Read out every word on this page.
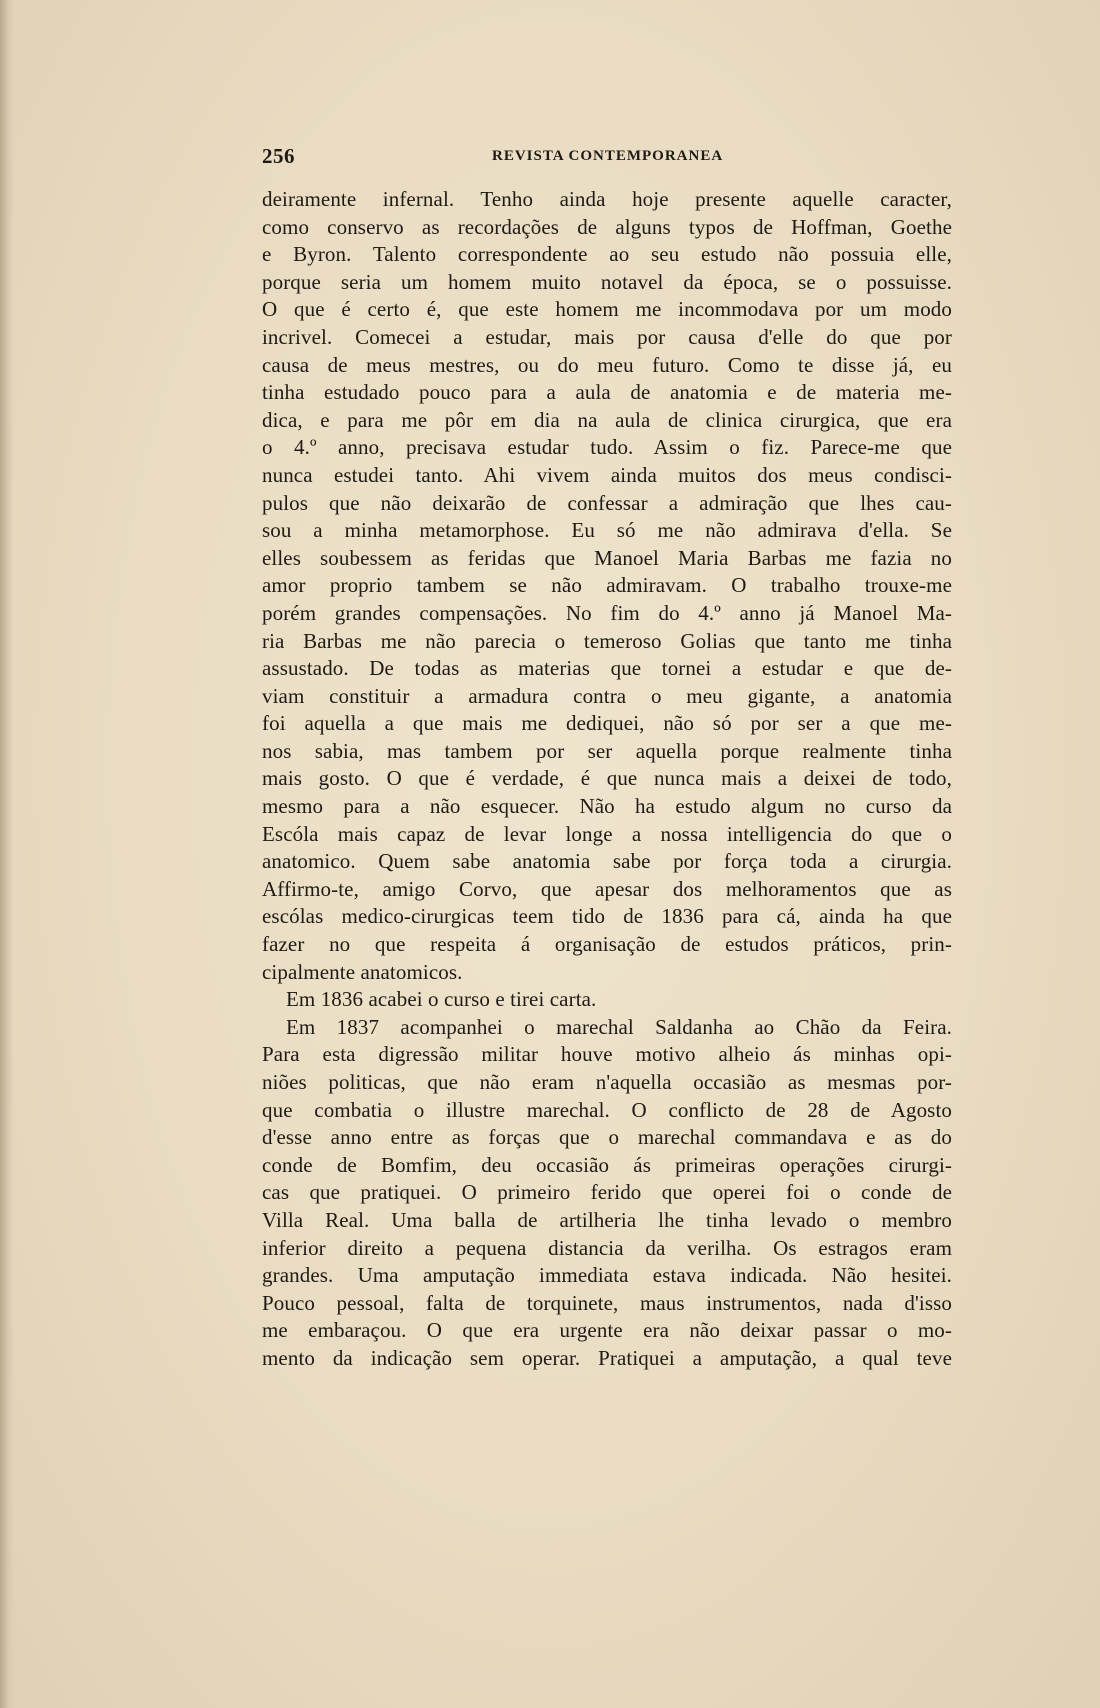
256	REVISTA CONTEMPORANEA
deiramente infernal. Tenho ainda hoje presente aquelle caracter,
como conservo as recordações de alguns typos de Hoffman, Goethe
e Byron. Talento correspondente ao seu estudo não possuia elle,
porque seria um homem muito notavel da época, se o possuisse.
O que é certo é, que este homem me incommodava por um modo
incrivel. Comecei a estudar, mais por causa d'elle do que por
causa de meus mestres, ou do meu futuro. Como te disse já, eu
tinha estudado pouco para a aula de anatomia e de materia me-
dica, e para me pôr em dia na aula de clinica cirurgica, que era
o 4.º anno, precisava estudar tudo. Assim o fiz. Parece-me que
nunca estudei tanto. Ahi vivem ainda muitos dos meus condisci-
pulos que não deixarão de confessar a admiração que lhes cau-
sou a minha metamorphose. Eu só me não admirava d'ella. Se
elles soubessem as feridas que Manoel Maria Barbas me fazia no
amor proprio tambem se não admiravam. O trabalho trouxe-me
porém grandes compensações. No fim do 4.º anno já Manoel Ma-
ria Barbas me não parecia o temeroso Golias que tanto me tinha
assustado. De todas as materias que tornei a estudar e que de-
viam constituir a armadura contra o meu gigante, a anatomia
foi aquella a que mais me dediquei, não só por ser a que me-
nos sabia, mas tambem por ser aquella porque realmente tinha
mais gosto. O que é verdade, é que nunca mais a deixei de todo,
mesmo para a não esquecer. Não ha estudo algum no curso da
Escóla mais capaz de levar longe a nossa intelligencia do que o
anatomico. Quem sabe anatomia sabe por força toda a cirurgia.
Affirmo-te, amigo Corvo, que apesar dos melhoramentos que as
escólas medico-cirurgicas teem tido de 1836 para cá, ainda ha que
fazer no que respeita á organisação de estudos práticos, prin-
cipalmente anatomicos.
Em 1836 acabei o curso e tirei carta.
Em 1837 acompanhei o marechal Saldanha ao Chão da Feira.
Para esta digressão militar houve motivo alheio ás minhas opi-
niões politicas, que não eram n'aquella occasião as mesmas por-
que combatia o illustre marechal. O conflicto de 28 de Agosto
d'esse anno entre as forças que o marechal commandava e as do
conde de Bomfim, deu occasião ás primeiras operações cirurgi-
cas que pratiquei. O primeiro ferido que operei foi o conde de
Villa Real. Uma balla de artilheria lhe tinha levado o membro
inferior direito a pequena distancia da verilha. Os estragos eram
grandes. Uma amputação immediata estava indicada. Não hesitei.
Pouco pessoal, falta de torquinete, maus instrumentos, nada d'isso
me embaraçou. O que era urgente era não deixar passar o mo-
mento da indicação sem operar. Pratiquei a amputação, a qual teve
